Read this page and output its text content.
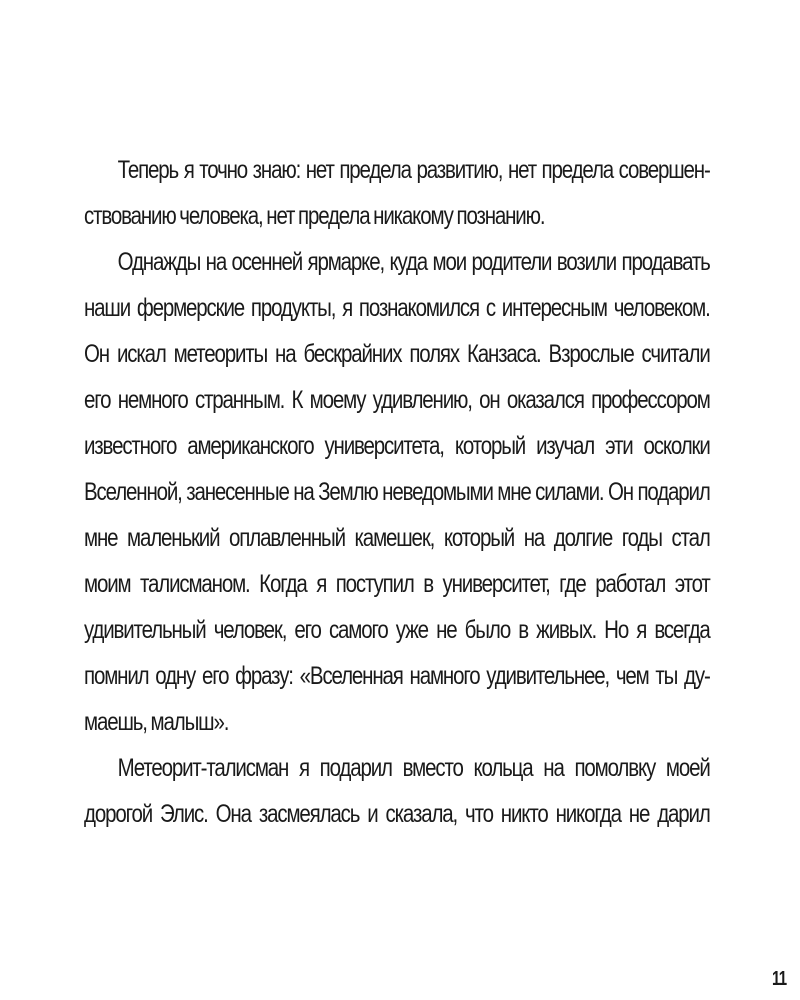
Теперь я точно знаю: нет предела развитию, нет предела совершен-
ствованию человека, нет предела никакому познанию.
Однажды на осенней ярмарке, куда мои родители возили продавать
наши фермерские продукты, я познакомился с интересным человеком.
Он искал метеориты на бескрайних полях Канзаса. Взрослые считали
его немного странным. К моему удивлению, он оказался профессором
известного американского университета, который изучал эти осколки
Вселенной, занесенные на Землю неведомыми мне силами. Он подарил
мне маленький оплавленный камешек, который на долгие годы стал
моим талисманом. Когда я поступил в университет, где работал этот
удивительный человек, его самого уже не было в живых. Но я всегда
помнил одну его фразу: «Вселенная намного удивительнее, чем ты ду-
маешь, малыш».
Метеорит-талисман я подарил вместо кольца на помолвку моей
дорогой Элис. Она засмеялась и сказала, что никто никогда не дарил
11
